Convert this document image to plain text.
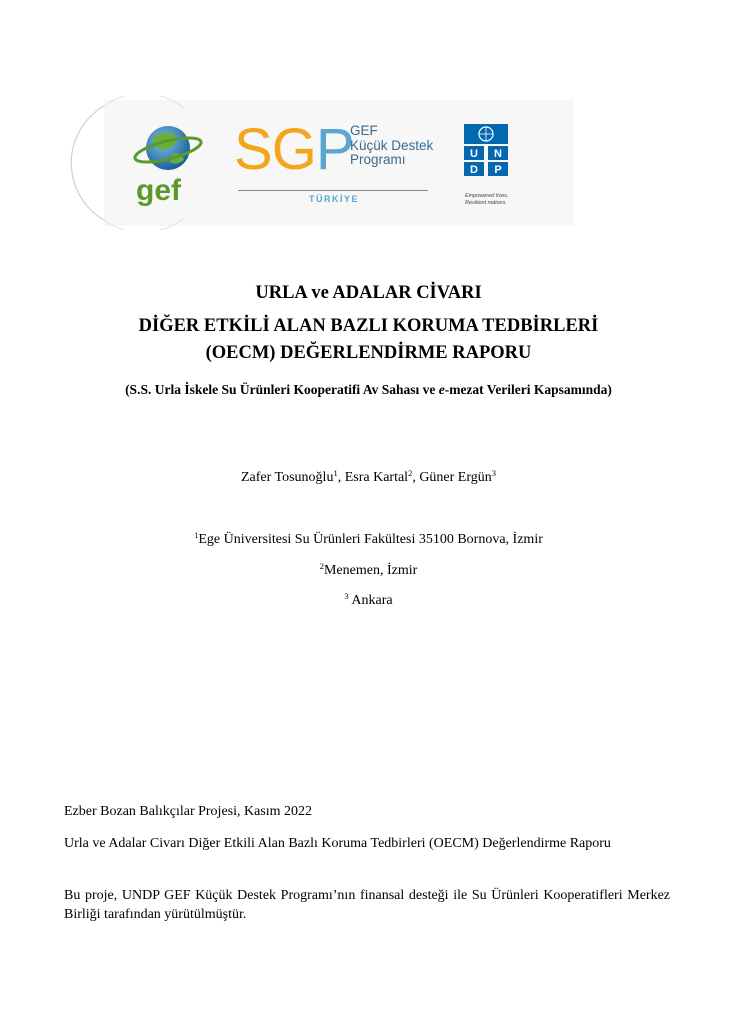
gef
SGP
GEF
Küçük Destek
Programı
TÜRKİYE
U N
D P
Empowered lives.
Resilient nations.
URLA ve ADALAR CİVARI
DİĞER ETKİLİ ALAN BAZLI KORUMA TEDBİRLERİ
(OECM) DEĞERLENDİRME RAPORU
(S.S. Urla İskele Su Ürünleri Kooperatifi Av Sahası ve e-mezat Verileri Kapsamında)
Zafer Tosunoğlu$^1$, Esra Kartal$^2$, Güner Ergün$^3$
$^1$Ege Üniversitesi Su Ürünleri Fakültesi 35100 Bornova, İzmir
$^2$Menemen, İzmir
$^3$ Ankara
Ezber Bozan Balıkçılar Projesi, Kasım 2022
Urla ve Adalar Civarı Diğer Etkili Alan Bazlı Koruma Tedbirleri (OECM) Değerlendirme Raporu
Bu proje, UNDP GEF Küçük Destek Programı’nın finansal desteği ile Su Ürünleri Kooperatifleri Merkez Birliği tarafından yürütülmüştür.
